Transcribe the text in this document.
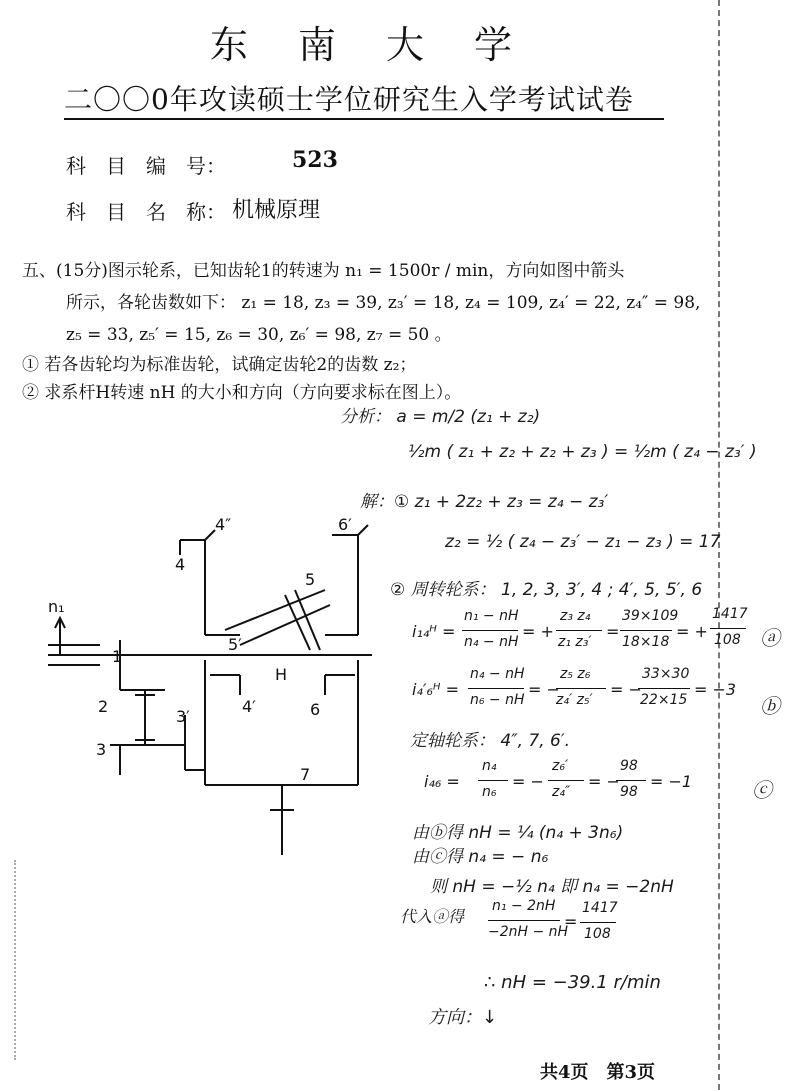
东　南　大　学
二〇〇0年攻读硕士学位研究生入学考试试卷
科　目　编　号：	523
科　目　名　称： 机械原理
五、(15分)图示轮系，已知齿轮1的转速为 n₁ = 1500r / min，方向如图中箭头
所示，各轮齿数如下： z₁ = 18, z₃ = 39, z₃′ = 18, z₄ = 109, z₄′ = 22, z₄″ = 98,
z₅ = 33, z₅′ = 15, z₆ = 30, z₆′ = 98, z₇ = 50 。
① 若各齿轮均为标准齿轮，试确定齿轮2的齿数 z₂；
② 求系杆H转速 nH 的大小和方向（方向要求标在图上）。
n₁
4″
4
6′
5
5′
H
1
2
3
3′
4′	6
7
分析： a = m/2 (z₁ + z₂)
½m ( z₁ + z₂ + z₂ + z₃ ) = ½m ( z₄ − z₃′ )
解：① z₁ + 2z₂ + z₃ = z₄ − z₃′
z₂ = ½ ( z₄ − z₃′ − z₁ − z₃ ) = 17
② 周转轮系： 1, 2, 3, 3′, 4 ; 4′, 5, 5′, 6
i₁₄ᴴ =
n₁ − nH
n₄ − nH
= +
z₃ z₄
z₁ z₃′
=
39×109
18×18
= +
1417
108 ⓐ
i₄′₆ᴴ =
n₄ − nH
n₆ − nH
= −
z₅ z₆
z₄′ z₅′
= −
33×30
22×15
= −3
ⓑ
定轴轮系： 4″, 7, 6′.
i₄₆ =
n₄
n₆
= −
z₆′
z₄″
= −
98
98
= −1	ⓒ
由ⓑ得 nH = ¼ (n₄ + 3n₆)
由ⓒ得 n₄ = − n₆
则 nH = −½ n₄ 即 n₄ = −2nH
代入ⓐ得
n₁ − 2nH
−2nH − nH
=
1417
108
∴ nH = −39.1 r/min
方向：↓
共4页　第3页
